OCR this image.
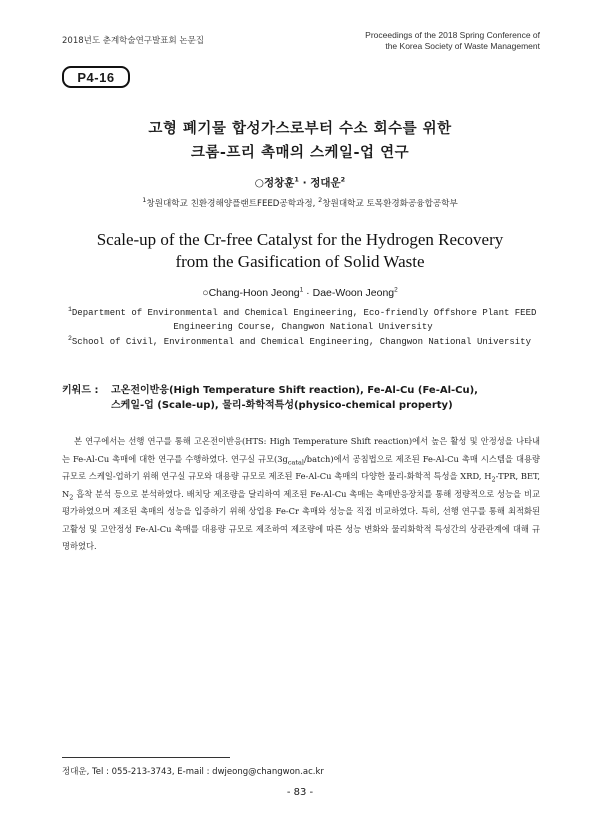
2018년도 춘계학술연구발표회 논문집
Proceedings of the 2018 Spring Conference of
the Korea Society of Waste Management
P4-16
고형 폐기물 합성가스로부터 수소 회수를 위한
크롬-프리 촉매의 스케일-업 연구
○정창훈$^1$ · 정대운$^2$
$^1$창원대학교 친환경해양플랜트FEED공학과정, $^2$창원대학교 토목환경화공융합공학부
Scale-up of the Cr-free Catalyst for the Hydrogen Recovery
from the Gasification of Solid Waste
○Chang-Hoon Jeong$^1$ · Dae-Woon Jeong$^2$
$^1$Department of Environmental and Chemical Engineering, Eco-friendly Offshore Plant FEED
Engineering Course, Changwon National University
$^2$School of Civil, Environmental and Chemical Engineering, Changwon National University
키워드 : 고온전이반응(High Temperature Shift reaction), Fe-Al-Cu (Fe-Al-Cu),
스케일-업 (Scale-up), 물리-화학적특성(physico-chemical property)
본 연구에서는 선행 연구를 통해 고온전이반응(HTS: High Temperature Shift reaction)에서 높은 활성 및 안정성을 나타내는 Fe-Al-Cu 촉매에 대한 연구를 수행하였다. 연구실 규모$(3g_{catal}/batch)$에서 공침법으로 제조된 Fe-Al-Cu 촉매 시스템을 대용량 규모로 스케일-업하기 위해 연구실 규모와 대용량 규모로 제조된 Fe-Al-Cu 촉매의 다양한 물리-화학적 특성을 XRD, $H_2$-TPR, BET, $N_2$ 흡착 분석 등으로 분석하였다. 배치당 제조량을 달리하여 제조된 Fe-Al-Cu 촉매는 촉매반응장치를 통해 정량적으로 성능을 비교 평가하였으며 제조된 촉매의 성능을 입증하기 위해 상업용 Fe-Cr 촉매와 성능을 직접 비교하였다. 특히, 선행 연구를 통해 최적화된 고활성 및 고안정성 Fe-Al-Cu 촉매를 대용량 규모로 제조하여 제조량에 따른 성능 변화와 물리화학적 특성간의 상관관계에 대해 규명하였다.
정대운, Tel : 055-213-3743, E-mail : dwjeong@changwon.ac.kr
- 83 -
